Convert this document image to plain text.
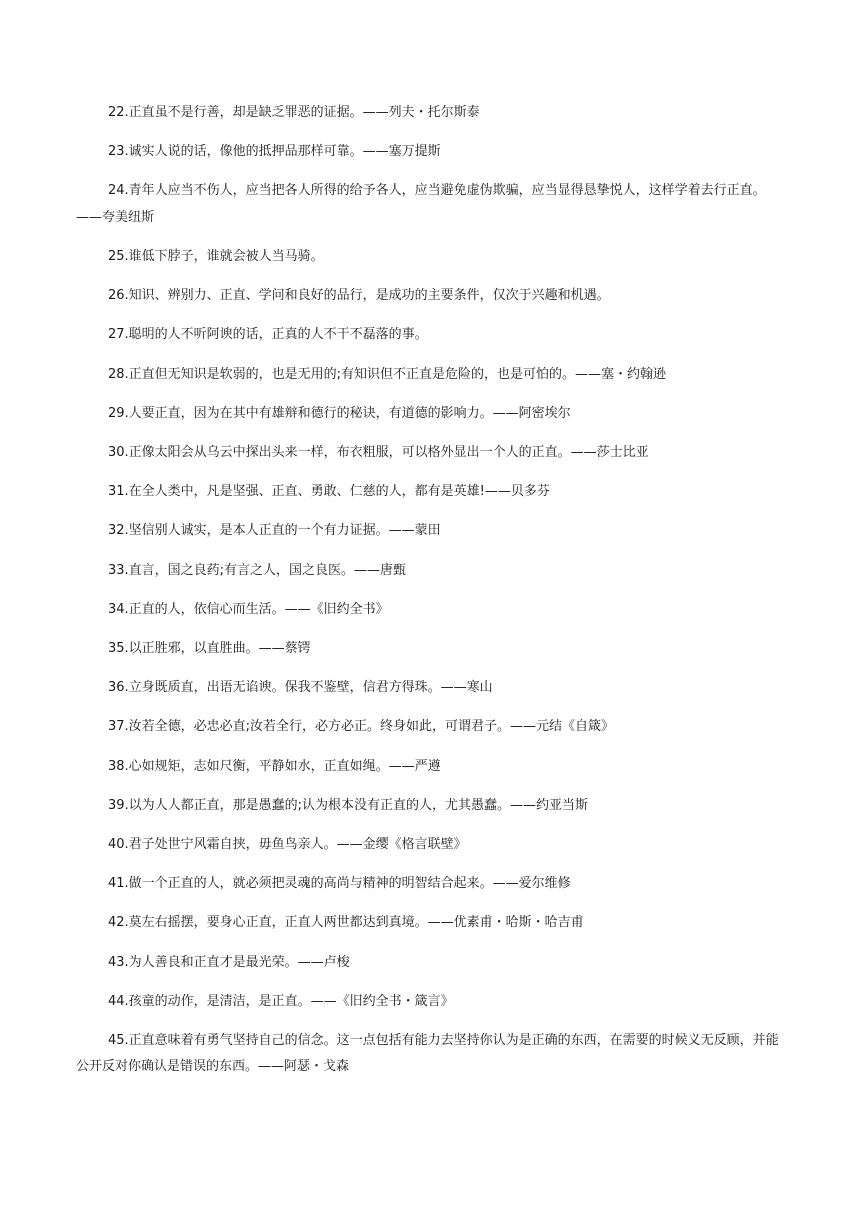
22.正直虽不是行善，却是缺乏罪恶的证据。——列夫・托尔斯泰

23.诚实人说的话，像他的抵押品那样可靠。——塞万提斯

24.青年人应当不伤人，应当把各人所得的给予各人，应当避免虚伪欺骗，应当显得恳挚悦人，这样学着去行正直。——夸美纽斯

25.谁低下脖子，谁就会被人当马骑。

26.知识、辨别力、正直、学问和良好的品行，是成功的主要条件，仅次于兴趣和机遇。

27.聪明的人不听阿谀的话，正真的人不干不磊落的事。

28.正直但无知识是软弱的，也是无用的;有知识但不正直是危险的，也是可怕的。——塞・约翰逊

29.人要正直，因为在其中有雄辩和德行的秘诀，有道德的影响力。——阿密埃尔

30.正像太阳会从乌云中探出头来一样，布衣粗服，可以格外显出一个人的正直。——莎士比亚

31.在全人类中，凡是坚强、正直、勇敢、仁慈的人，都有是英雄!——贝多芬

32.坚信别人诚实，是本人正直的一个有力证据。——蒙田

33.直言，国之良药;有言之人，国之良医。——唐甄

34.正直的人，依信心而生活。——《旧约全书》

35.以正胜邪，以直胜曲。——蔡锷

36.立身既质直，出语无谄谀。保我不鉴壁，信君方得珠。——寒山

37.汝若全德，必忠必直;汝若全行，必方必正。终身如此，可谓君子。——元结《自箴》

38.心如规矩，志如尺衡，平静如水，正直如绳。——严遵

39.以为人人都正直，那是愚蠢的;认为根本没有正直的人，尤其愚蠢。——约亚当斯

40.君子处世宁风霜自挟，毋鱼鸟亲人。——金缨《格言联壁》

41.做一个正直的人，就必须把灵魂的高尚与精神的明智结合起来。——爱尔维修

42.莫左右摇摆，要身心正直，正直人两世都达到真境。——优素甫・哈斯・哈吉甫

43.为人善良和正直才是最光荣。——卢梭

44.孩童的动作，是清洁，是正直。——《旧约全书・箴言》

45.正直意味着有勇气坚持自己的信念。这一点包括有能力去坚持你认为是正确的东西，在需要的时候义无反顾，并能公开反对你确认是错误的东西。——阿瑟・戈森
